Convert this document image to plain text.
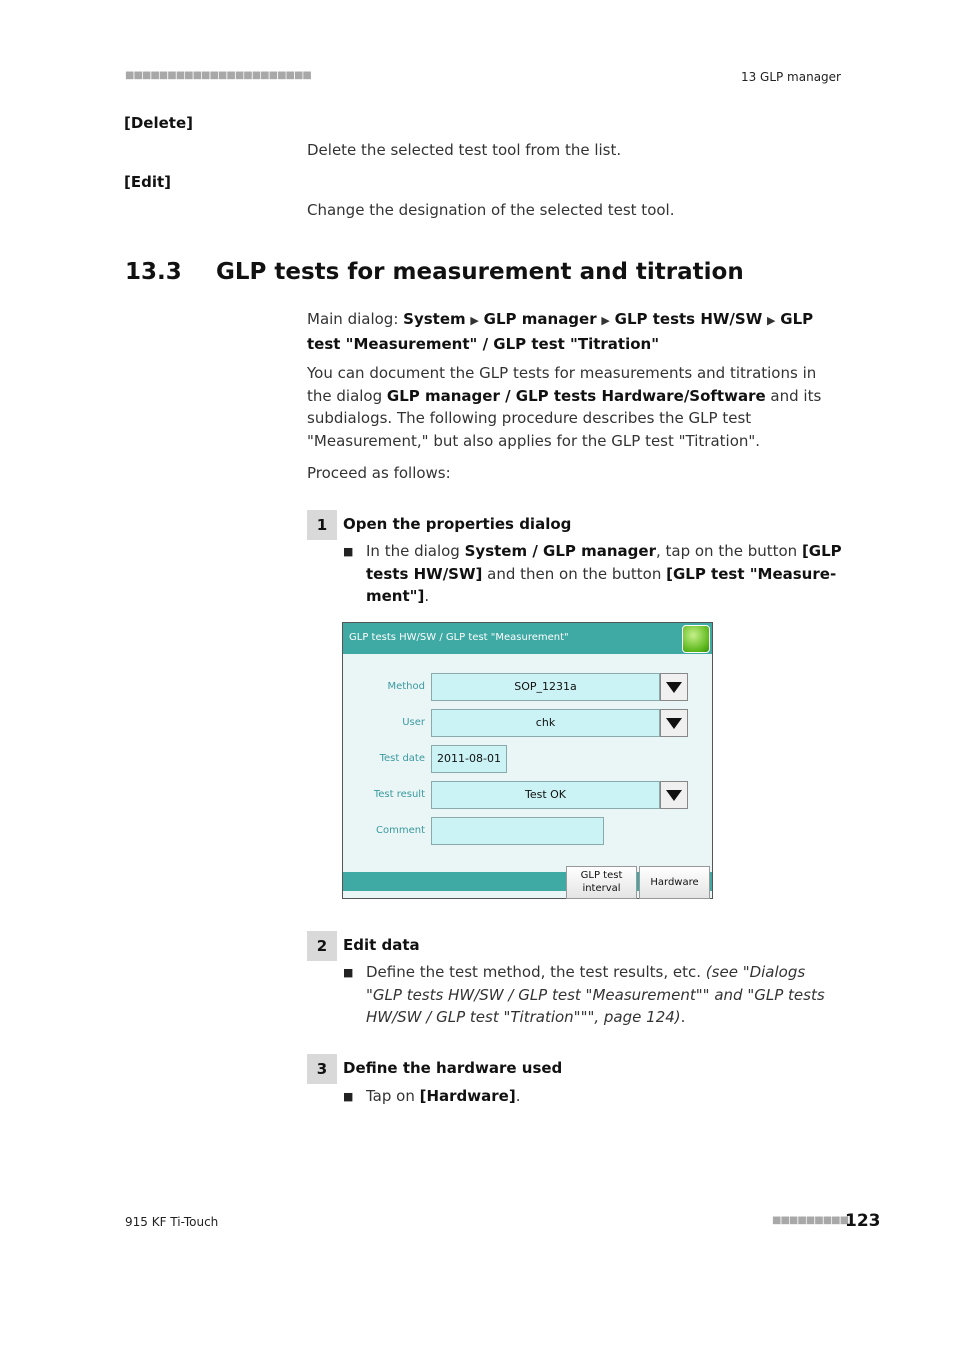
■■■■■■■■■■■■■■■■■■■■■■	13 GLP manager
[Delete]
Delete the selected test tool from the list.
[Edit]
Change the designation of the selected test tool.
13.3 GLP tests for measurement and titration
Main dialog: System ▶ GLP manager ▶ GLP tests HW/SW ▶ GLP test "Measurement" / GLP test "Titration"
You can document the GLP tests for measurements and titrations in the dialog GLP manager / GLP tests Hardware/Software and its subdialogs. The following procedure describes the GLP test "Measurement," but also applies for the GLP test "Titration".
Proceed as follows:
1	Open the properties dialog
■ In the dialog System / GLP manager, tap on the button [GLP tests HW/SW] and then on the button [GLP test "Measurement"].
GLP tests HW/SW / GLP test "Measurement"
Method	SOP_1231a
User	chk
Test date	2011-08-01
Test result	Test OK
Comment
GLP test
interval
Hardware
2	Edit data
■ Define the test method, the test results, etc. (see "Dialogs "GLP tests HW/SW / GLP test "Measurement"" and "GLP tests HW/SW / GLP test "Titration""", page 124).
3	Define the hardware used
■ Tap on [Hardware].
915 KF Ti-Touch	■■■■■■■■■
123
